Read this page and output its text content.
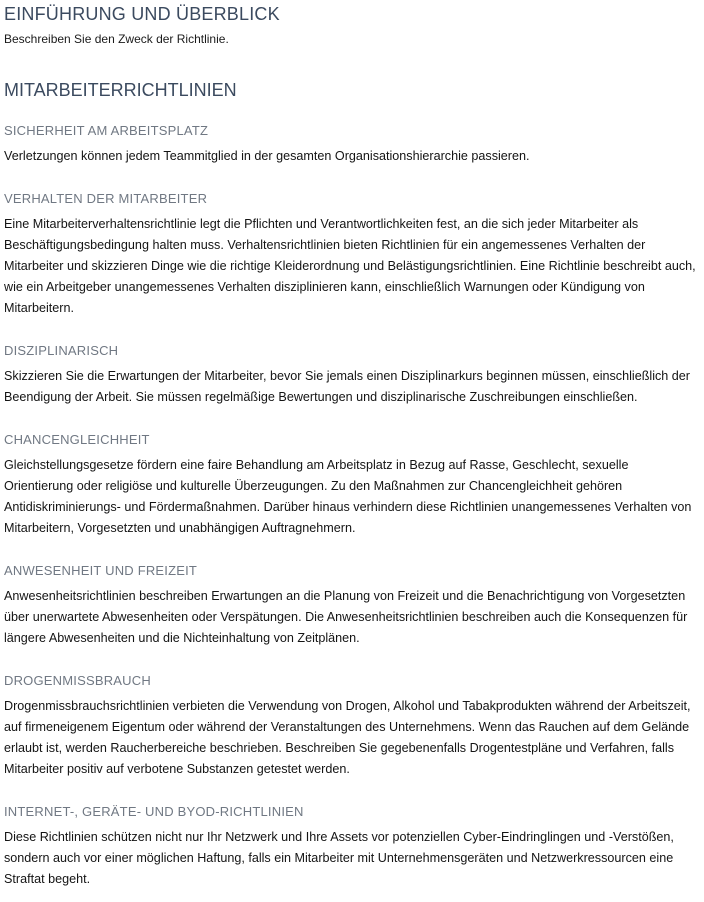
EINFÜHRUNG UND ÜBERBLICK

Beschreiben Sie den Zweck der Richtlinie.

MITARBEITERRICHTLINIEN
SICHERHEIT AM ARBEITSPLATZ

Verletzungen können jedem Teammitglied in der gesamten Organisationshierarchie passieren.

VERHALTEN DER MITARBEITER

Eine Mitarbeiterverhaltensrichtlinie legt die Pflichten und Verantwortlichkeiten fest, an die sich jeder Mitarbeiter als Beschäftigungsbedingung halten muss. Verhaltensrichtlinien bieten Richtlinien für ein angemessenes Verhalten der Mitarbeiter und skizzieren Dinge wie die richtige Kleiderordnung und Belästigungsrichtlinien. Eine Richtlinie beschreibt auch, wie ein Arbeitgeber unangemessenes Verhalten disziplinieren kann, einschließlich Warnungen oder Kündigung von Mitarbeitern.

DISZIPLINARISCH

Skizzieren Sie die Erwartungen der Mitarbeiter, bevor Sie jemals einen Disziplinarkurs beginnen müssen, einschließlich der Beendigung der Arbeit. Sie müssen regelmäßige Bewertungen und disziplinarische Zuschreibungen einschließen.

CHANCENGLEICHHEIT

Gleichstellungsgesetze fördern eine faire Behandlung am Arbeitsplatz in Bezug auf Rasse, Geschlecht, sexuelle Orientierung oder religiöse und kulturelle Überzeugungen. Zu den Maßnahmen zur Chancengleichheit gehören Antidiskriminierungs- und Fördermaßnahmen. Darüber hinaus verhindern diese Richtlinien unangemessenes Verhalten von Mitarbeitern, Vorgesetzten und unabhängigen Auftragnehmern.

ANWESENHEIT UND FREIZEIT

Anwesenheitsrichtlinien beschreiben Erwartungen an die Planung von Freizeit und die Benachrichtigung von Vorgesetzten über unerwartete Abwesenheiten oder Verspätungen. Die Anwesenheitsrichtlinien beschreiben auch die Konsequenzen für längere Abwesenheiten und die Nichteinhaltung von Zeitplänen.

DROGENMISSBRAUCH

Drogenmissbrauchsrichtlinien verbieten die Verwendung von Drogen, Alkohol und Tabakprodukten während der Arbeitszeit, auf firmeneigenem Eigentum oder während der Veranstaltungen des Unternehmens. Wenn das Rauchen auf dem Gelände erlaubt ist, werden Raucherbereiche beschrieben. Beschreiben Sie gegebenenfalls Drogentestpläne und Verfahren, falls Mitarbeiter positiv auf verbotene Substanzen getestet werden.

INTERNET-, GERÄTE- UND BYOD-RICHTLINIEN

Diese Richtlinien schützen nicht nur Ihr Netzwerk und Ihre Assets vor potenziellen Cyber-Eindringlingen und -Verstößen, sondern auch vor einer möglichen Haftung, falls ein Mitarbeiter mit Unternehmensgeräten und Netzwerkressourcen eine Straftat begeht.
